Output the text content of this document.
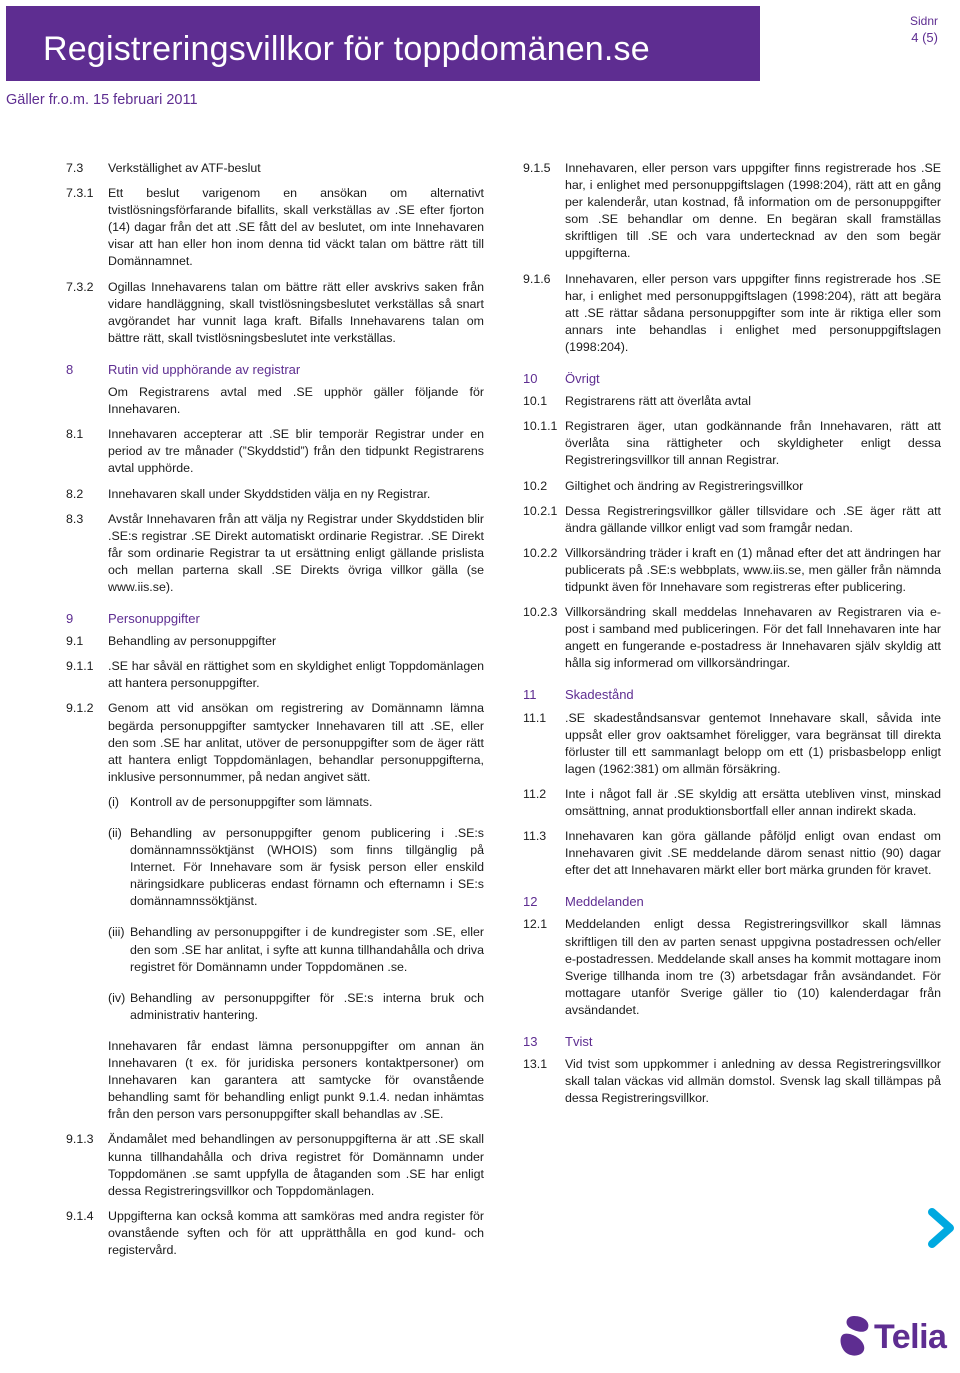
Registreringsvillkor för toppdomänen.se
Sidnr
4 (5)

Gäller fr.o.m. 15 februari 2011

7.3	Verkställighet av ATF-beslut
7.3.1	Ett beslut varigenom en ansökan om alternativt tvistlösningsförfarande bifallits, skall verkställas av .SE efter fjorton (14) dagar från det att .SE fått del av beslutet, om inte Innehavaren visar att han eller hon inom denna tid väckt talan om bättre rätt till Domännamnet.
7.3.2	Ogillas Innehavarens talan om bättre rätt eller avskrivs saken från vidare handläggning, skall tvistlösningsbeslutet verkställas så snart avgörandet har vunnit laga kraft. Bifalls Innehavarens talan om bättre rätt, skall tvistlösningsbeslutet inte verkställas.
8	Rutin vid upphörande av registrar
Om Registrarens avtal med .SE upphör gäller följande för Innehavaren.
8.1	Innehavaren accepterar att .SE blir temporär Registrar under en period av tre månader (”Skyddstid”) från den tidpunkt Registrarens avtal upphörde.
8.2	Innehavaren skall under Skyddstiden välja en ny Registrar.
8.3	Avstår Innehavaren från att välja ny Registrar under Skyddstiden blir .SE:s registrar .SE Direkt automatiskt ordinarie Registrar. .SE Direkt får som ordinarie Registrar ta ut ersättning enligt gällande prislista och mellan parterna skall .SE Direkts övriga villkor gälla (se www.iis.se).
9	Personuppgifter
9.1	Behandling av personuppgifter
9.1.1	.SE har såväl en rättighet som en skyldighet enligt Toppdomänlagen att hantera personuppgifter.
9.1.2	Genom att vid ansökan om registrering av Domännamn lämna begärda personuppgifter samtycker Innehavaren till att .SE, eller den som .SE har anlitat, utöver de personuppgifter som de äger rätt att hantera enligt Toppdomänlagen, behandlar personuppgifterna, inklusive personnummer, på nedan angivet sätt.
(i) Kontroll av de personuppgifter som lämnats.
(ii) Behandling av personuppgifter genom publicering i .SE:s domännamnssöktjänst (WHOIS) som finns tillgänglig på Internet. För Innehavare som är fysisk person eller enskild näringsidkare publiceras endast förnamn och efternamn i SE:s domännamnssöktjänst.
(iii) Behandling av personuppgifter i de kundregister som .SE, eller den som .SE har anlitat, i syfte att kunna tillhandahålla och driva registret för Domännamn under Toppdomänen .se.
(iv) Behandling av personuppgifter för .SE:s interna bruk och administrativ hantering.
Innehavaren får endast lämna personuppgifter om annan än Innehavaren (t ex. för juridiska personers kontaktpersoner) om Innehavaren kan garantera att samtycke för ovanstående behandling samt för behandling enligt punkt 9.1.4. nedan inhämtas från den person vars personuppgifter skall behandlas av .SE.
9.1.3	Ändamålet med behandlingen av personuppgifterna är att .SE skall kunna tillhandahålla och driva registret för Domännamn under Toppdomänen .se samt uppfylla de åtaganden som .SE har enligt dessa Registreringsvillkor och Toppdomänlagen.
9.1.4	Uppgifterna kan också komma att samköras med andra register för ovanstående syften och för att upprätthålla en god kund- och registervård.
9.1.5	Innehavaren, eller person vars uppgifter finns registrerade hos .SE har, i enlighet med personuppgiftslagen (1998:204), rätt att en gång per kalenderår, utan kostnad, få information om de personuppgifter som .SE behandlar om denne. En begäran skall framställas skriftligen till .SE och vara undertecknad av den som begär uppgifterna.
9.1.6	Innehavaren, eller person vars uppgifter finns registrerade hos .SE har, i enlighet med personuppgiftslagen (1998:204), rätt att begära att .SE rättar sådana personuppgifter som inte är riktiga eller som annars inte behandlas i enlighet med personuppgiftslagen (1998:204).
10	Övrigt
10.1	Registrarens rätt att överlåta avtal
10.1.1 Registraren äger, utan godkännande från Innehavaren, rätt att överlåta sina rättigheter och skyldigheter enligt dessa Registreringsvillkor till annan Registrar.
10.2	Giltighet och ändring av Registreringsvillkor
10.2.1 Dessa Registreringsvillkor gäller tillsvidare och .SE äger rätt att ändra gällande villkor enligt vad som framgår nedan.
10.2.2 Villkorsändring träder i kraft en (1) månad efter det att ändringen har publicerats på .SE:s webbplats, www.iis.se, men gäller från nämnda tidpunkt även för Innehavare som registreras efter publicering.
10.2.3 Villkorsändring skall meddelas Innehavaren av Registraren via e-post i samband med publiceringen. För det fall Innehavaren inte har angett en fungerande e-postadress är Innehavaren själv skyldig att hålla sig informerad om villkorsändringar.
11	Skadestånd
11.1	.SE skadeståndsansvar gentemot Innehavare skall, såvida inte uppsåt eller grov oaktsamhet föreligger, vara begränsat till direkta förluster till ett sammanlagt belopp om ett (1) prisbasbelopp enligt lagen (1962:381) om allmän försäkring.
11.2	Inte i något fall är .SE skyldig att ersätta utebliven vinst, minskad omsättning, annat produktionsbortfall eller annan indirekt skada.
11.3	Innehavaren kan göra gällande påföljd enligt ovan endast om Innehavaren givit .SE meddelande därom senast nittio (90) dagar efter det att Innehavaren märkt eller bort märka grunden för kravet.
12	Meddelanden
12.1	Meddelanden enligt dessa Registreringsvillkor skall lämnas skriftligen till den av parten senast uppgivna postadressen och/eller e-postadressen. Meddelande skall anses ha kommit mottagare inom Sverige tillhanda inom tre (3) arbetsdagar från avsändandet. För mottagare utanför Sverige gäller tio (10) kalenderdagar från avsändandet.
13	Tvist
13.1	Vid tvist som uppkommer i anledning av dessa Registreringsvillkor skall talan väckas vid allmän domstol. Svensk lag skall tillämpas på dessa Registreringsvillkor.
Telia
